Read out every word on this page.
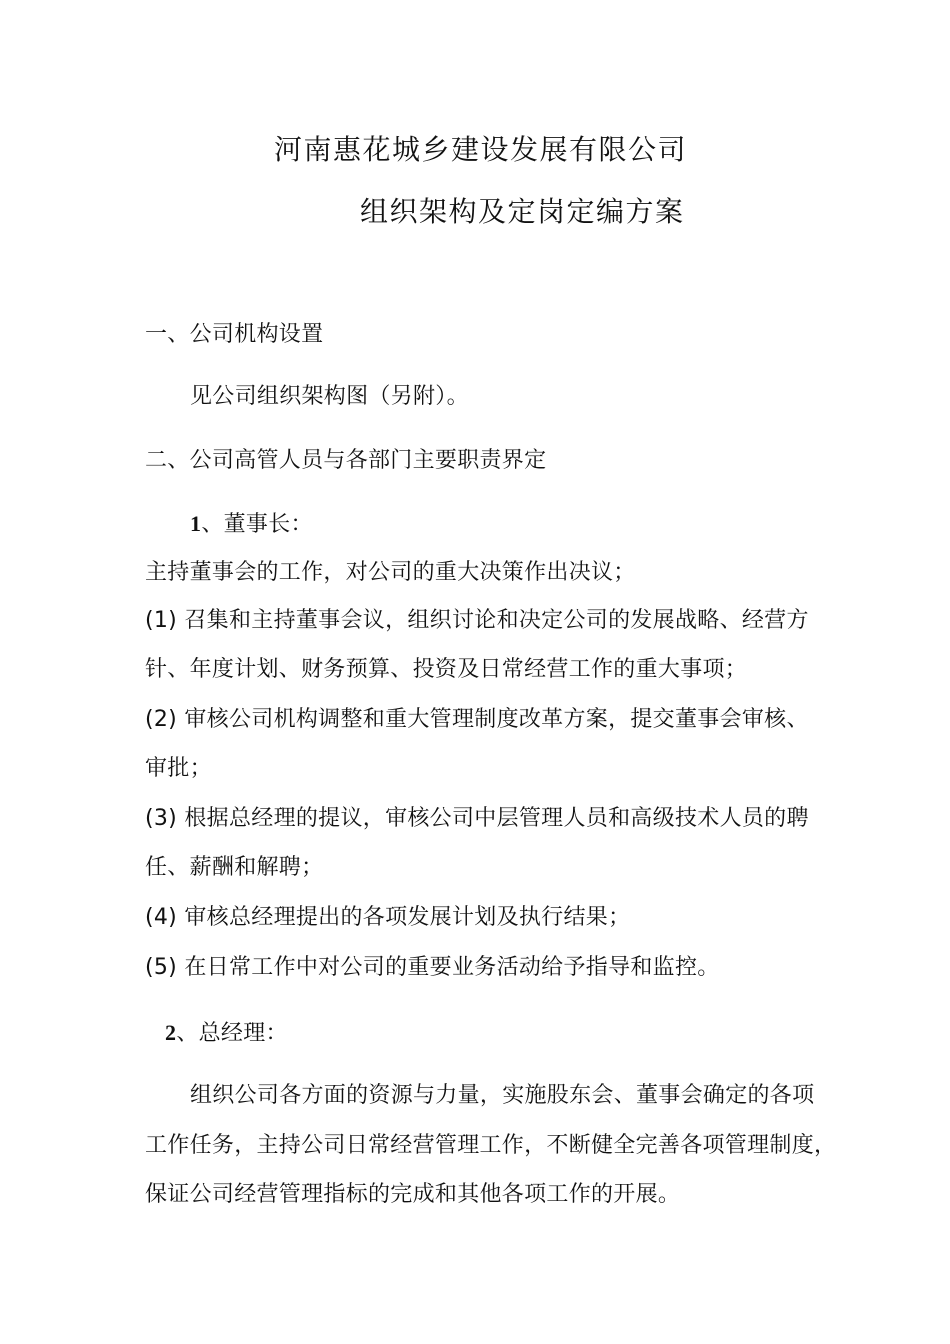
河南惠花城乡建设发展有限公司
组织架构及定岗定编方案
一、公司机构设置
见公司组织架构图（另附）。
二、公司高管人员与各部门主要职责界定
1、董事长：
主持董事会的工作，对公司的重大决策作出决议；
(1) 召集和主持董事会议，组织讨论和决定公司的发展战略、经营方
针、年度计划、财务预算、投资及日常经营工作的重大事项；
(2) 审核公司机构调整和重大管理制度改革方案，提交董事会审核、
审批；
(3) 根据总经理的提议，审核公司中层管理人员和高级技术人员的聘
任、薪酬和解聘；
(4) 审核总经理提出的各项发展计划及执行结果；
(5) 在日常工作中对公司的重要业务活动给予指导和监控。
2、总经理：
组织公司各方面的资源与力量，实施股东会、董事会确定的各项
工作任务，主持公司日常经营管理工作，不断健全完善各项管理制度，
保证公司经营管理指标的完成和其他各项工作的开展。
